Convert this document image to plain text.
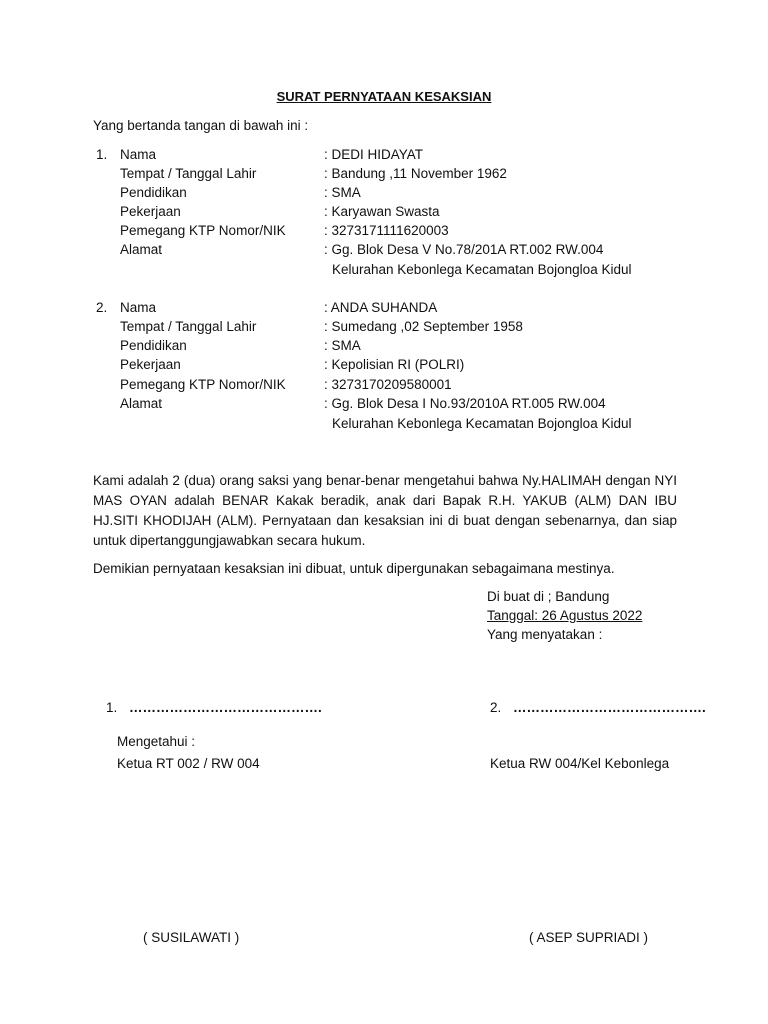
SURAT PERNYATAAN KESAKSIAN
Yang bertanda tangan di bawah ini :
1. Nama	: DEDI HIDAYAT
Tempat / Tanggal Lahir	: Bandung ,11 November 1962
Pendidikan	: SMA
Pekerjaan	: Karyawan Swasta
Pemegang KTP Nomor/NIK	: 3273171111620003
Alamat	: Gg. Blok Desa V No.78/201A RT.002 RW.004
Kelurahan Kebonlega Kecamatan Bojongloa Kidul
2. Nama	: ANDA SUHANDA
Tempat / Tanggal Lahir	: Sumedang ,02 September 1958
Pendidikan	: SMA
Pekerjaan	: Kepolisian RI (POLRI)
Pemegang KTP Nomor/NIK	: 3273170209580001
Alamat	: Gg. Blok Desa I No.93/2010A RT.005 RW.004
Kelurahan Kebonlega Kecamatan Bojongloa Kidul
Kami adalah 2 (dua) orang saksi yang benar-benar mengetahui bahwa Ny.HALIMAH dengan NYI MAS OYAN adalah BENAR Kakak beradik, anak dari Bapak R.H. YAKUB (ALM) DAN IBU HJ.SITI KHODIJAH (ALM). Pernyataan dan kesaksian ini di buat dengan sebenarnya, dan siap untuk dipertanggungjawabkan secara hukum.
Demikian pernyataan kesaksian ini dibuat, untuk dipergunakan sebagaimana mestinya.
Di buat di ; Bandung
Tanggal: 26 Agustus 2022
Yang menyatakan :
1. …………………………………….	2. …………………………………….
Mengetahui :
Ketua RT 002 / RW 004	Ketua RW 004/Kel Kebonlega
( SUSILAWATI )	( ASEP SUPRIADI )
